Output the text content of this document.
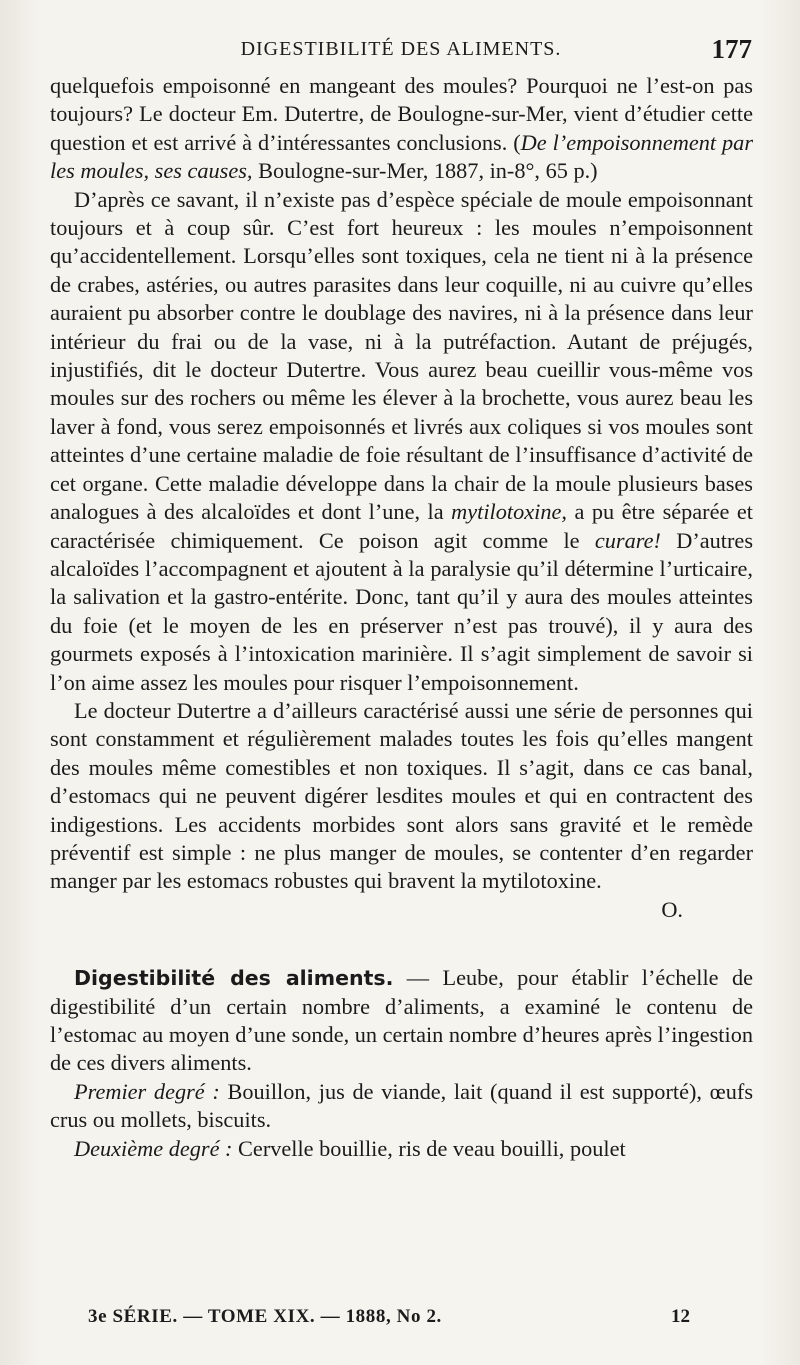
DIGESTIBILITÉ DES ALIMENTS.	177

quelquefois empoisonné en mangeant des moules? Pourquoi ne l’est-on pas toujours? Le docteur Em. Dutertre, de Boulogne-sur-Mer, vient d’étudier cette question et est arrivé à d’intéressantes conclusions. (De l’empoisonnement par les moules, ses causes, Boulogne-sur-Mer, 1887, in-8°, 65 p.)

D’après ce savant, il n’existe pas d’espèce spéciale de moule empoisonnant toujours et à coup sûr. C’est fort heureux : les moules n’empoisonnent qu’accidentellement. Lorsqu’elles sont toxiques, cela ne tient ni à la présence de crabes, astéries, ou autres parasites dans leur coquille, ni au cuivre qu’elles auraient pu absorber contre le doublage des navires, ni à la présence dans leur intérieur du frai ou de la vase, ni à la putréfaction. Autant de préjugés, injustifiés, dit le docteur Dutertre. Vous aurez beau cueillir vous-même vos moules sur des rochers ou même les élever à la brochette, vous aurez beau les laver à fond, vous serez empoisonnés et livrés aux coliques si vos moules sont atteintes d’une certaine maladie de foie résultant de l’insuffisance d’activité de cet organe. Cette maladie développe dans la chair de la moule plusieurs bases analogues à des alcaloïdes et dont l’une, la mytilotoxine, a pu être séparée et caractérisée chimiquement. Ce poison agit comme le curare! D’autres alcaloïdes l’accompagnent et ajoutent à la paralysie qu’il détermine l’urticaire, la salivation et la gastro-entérite. Donc, tant qu’il y aura des moules atteintes du foie (et le moyen de les en préserver n’est pas trouvé), il y aura des gourmets exposés à l’intoxication marinière. Il s’agit simplement de savoir si l’on aime assez les moules pour risquer l’empoisonnement.

Le docteur Dutertre a d’ailleurs caractérisé aussi une série de personnes qui sont constamment et régulièrement malades toutes les fois qu’elles mangent des moules même comestibles et non toxiques. Il s’agit, dans ce cas banal, d’estomacs qui ne peuvent digérer lesdites moules et qui en contractent des indigestions. Les accidents morbides sont alors sans gravité et le remède préventif est simple : ne plus manger de moules, se contenter d’en regarder manger par les estomacs robustes qui bravent la mytilotoxine.

O.

Digestibilité des aliments. — Leube, pour établir l’échelle de digestibilité d’un certain nombre d’aliments, a examiné le contenu de l’estomac au moyen d’une sonde, un certain nombre d’heures après l’ingestion de ces divers aliments.

Premier degré : Bouillon, jus de viande, lait (quand il est supporté), œufs crus ou mollets, biscuits.

Deuxième degré : Cervelle bouillie, ris de veau bouilli, poulet

3e SÉRIE. — TOME XIX. — 1888, No 2.	12
